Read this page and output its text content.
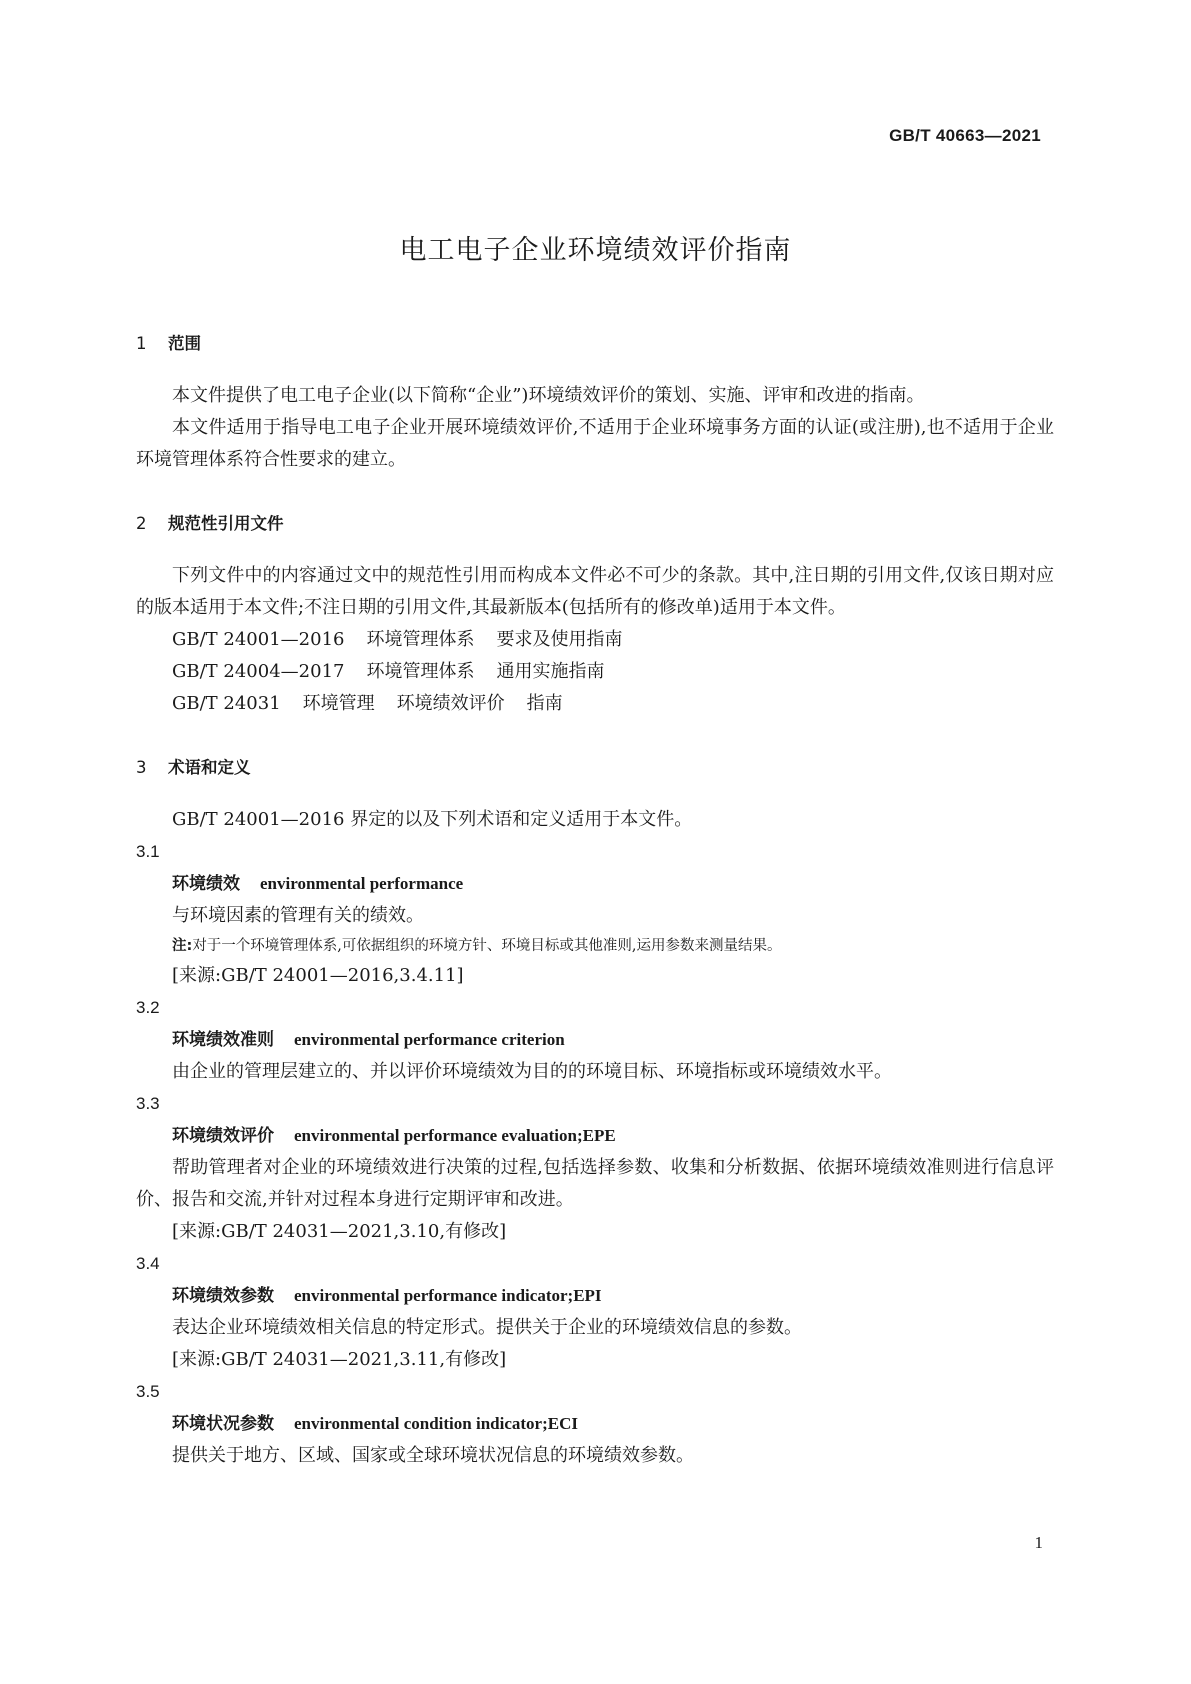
GB/T 40663—2021
电工电子企业环境绩效评价指南
1 范围

本文件提供了电工电子企业(以下简称“企业”)环境绩效评价的策划、实施、评审和改进的指南。

本文件适用于指导电工电子企业开展环境绩效评价,不适用于企业环境事务方面的认证(或注册),也不适用于企业环境管理体系符合性要求的建立。

2 规范性引用文件

下列文件中的内容通过文中的规范性引用而构成本文件必不可少的条款。其中,注日期的引用文件,仅该日期对应的版本适用于本文件;不注日期的引用文件,其最新版本(包括所有的修改单)适用于本文件。

GB/T 24001—2016 环境管理体系 要求及使用指南
GB/T 24004—2017 环境管理体系 通用实施指南
GB/T 24031 环境管理 环境绩效评价 指南
3 术语和定义

GB/T 24001—2016 界定的以及下列术语和定义适用于本文件。

3.1
环境绩效 environmental performance
与环境因素的管理有关的绩效。
注:对于一个环境管理体系,可依据组织的环境方针、环境目标或其他准则,运用参数来测量结果。
[来源:GB/T 24001—2016,3.4.11]
3.2
环境绩效准则 environmental performance criterion
由企业的管理层建立的、并以评价环境绩效为目的的环境目标、环境指标或环境绩效水平。
3.3
环境绩效评价 environmental performance evaluation;EPE
帮助管理者对企业的环境绩效进行决策的过程,包括选择参数、收集和分析数据、依据环境绩效准则进行信息评价、报告和交流,并针对过程本身进行定期评审和改进。
[来源:GB/T 24031—2021,3.10,有修改]
3.4
环境绩效参数 environmental performance indicator;EPI
表达企业环境绩效相关信息的特定形式。提供关于企业的环境绩效信息的参数。
[来源:GB/T 24031—2021,3.11,有修改]
3.5
环境状况参数 environmental condition indicator;ECI
提供关于地方、区域、国家或全球环境状况信息的环境绩效参数。
1
